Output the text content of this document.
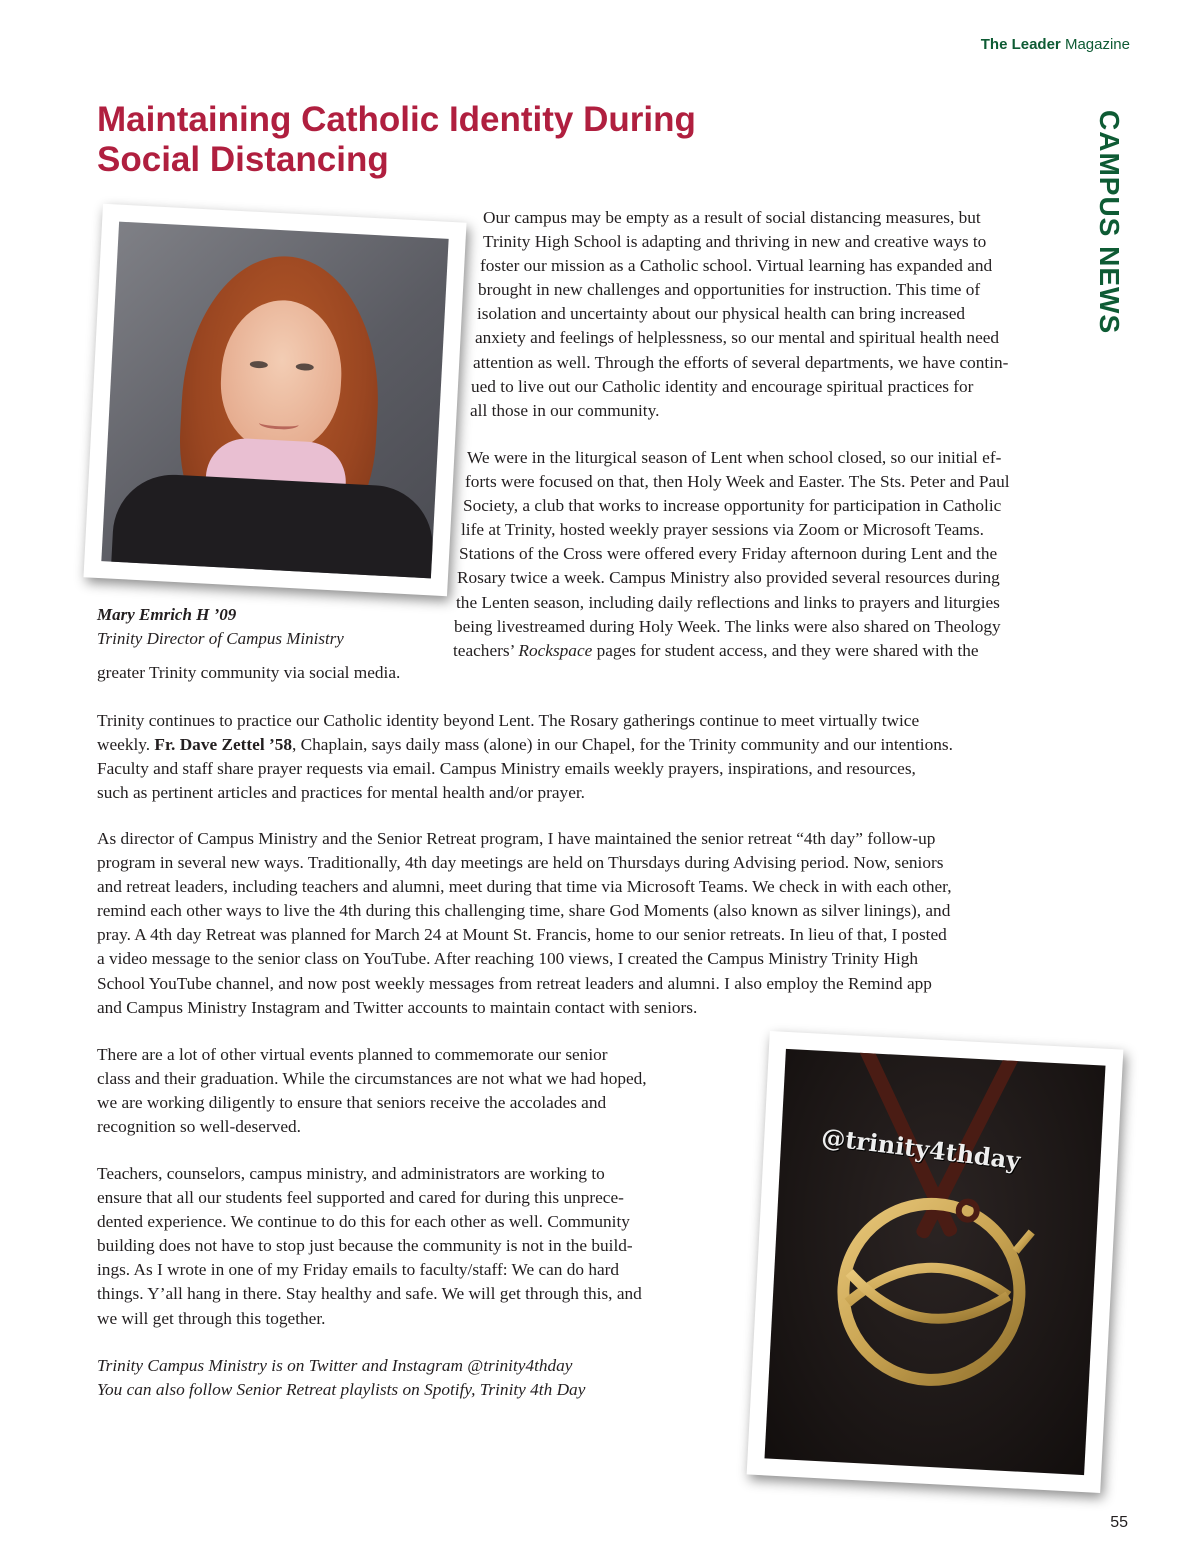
The Leader Magazine
CAMPUS NEWS
Maintaining Catholic Identity During
Social Distancing

Mary Emrich H ’09
Trinity Director of Campus Ministry

Our campus may be empty as a result of social distancing measures, but
Trinity High School is adapting and thriving in new and creative ways to
foster our mission as a Catholic school. Virtual learning has expanded and
brought in new challenges and opportunities for instruction. This time of
isolation and uncertainty about our physical health can bring increased
anxiety and feelings of helplessness, so our mental and spiritual health need
attention as well. Through the efforts of several departments, we have contin-
ued to live out our Catholic identity and encourage spiritual practices for
all those in our community.

We were in the liturgical season of Lent when school closed, so our initial ef-
forts were focused on that, then Holy Week and Easter. The Sts. Peter and Paul
Society, a club that works to increase opportunity for participation in Catholic
life at Trinity, hosted weekly prayer sessions via Zoom or Microsoft Teams.
Stations of the Cross were offered every Friday afternoon during Lent and the
Rosary twice a week. Campus Ministry also provided several resources during
the Lenten season, including daily reflections and links to prayers and liturgies
being livestreamed during Holy Week. The links were also shared on Theology
teachers’ Rockspace pages for student access, and they were shared with the

greater Trinity community via social media.

Trinity continues to practice our Catholic identity beyond Lent. The Rosary gatherings continue to meet virtually twice
weekly. Fr. Dave Zettel ’58, Chaplain, says daily mass (alone) in our Chapel, for the Trinity community and our intentions.
Faculty and staff share prayer requests via email. Campus Ministry emails weekly prayers, inspirations, and resources,
such as pertinent articles and practices for mental health and/or prayer.

As director of Campus Ministry and the Senior Retreat program, I have maintained the senior retreat “4th day” follow-up
program in several new ways. Traditionally, 4th day meetings are held on Thursdays during Advising period. Now, seniors
and retreat leaders, including teachers and alumni, meet during that time via Microsoft Teams. We check in with each other,
remind each other ways to live the 4th during this challenging time, share God Moments (also known as silver linings), and
pray. A 4th day Retreat was planned for March 24 at Mount St. Francis, home to our senior retreats. In lieu of that, I posted
a video message to the senior class on YouTube. After reaching 100 views, I created the Campus Ministry Trinity High
School YouTube channel, and now post weekly messages from retreat leaders and alumni. I also employ the Remind app
and Campus Ministry Instagram and Twitter accounts to maintain contact with seniors.

There are a lot of other virtual events planned to commemorate our senior
class and their graduation. While the circumstances are not what we had hoped,
we are working diligently to ensure that seniors receive the accolades and
recognition so well-deserved.

Teachers, counselors, campus ministry, and administrators are working to
ensure that all our students feel supported and cared for during this unprece-
dented experience. We continue to do this for each other as well. Community
building does not have to stop just because the community is not in the build-
ings. As I wrote in one of my Friday emails to faculty/staff: We can do hard
things. Y’all hang in there. Stay healthy and safe. We will get through this, and
we will get through this together.

Trinity Campus Ministry is on Twitter and Instagram @trinity4thday
You can also follow Senior Retreat playlists on Spotify, Trinity 4th Day

@trinity4thday
55
